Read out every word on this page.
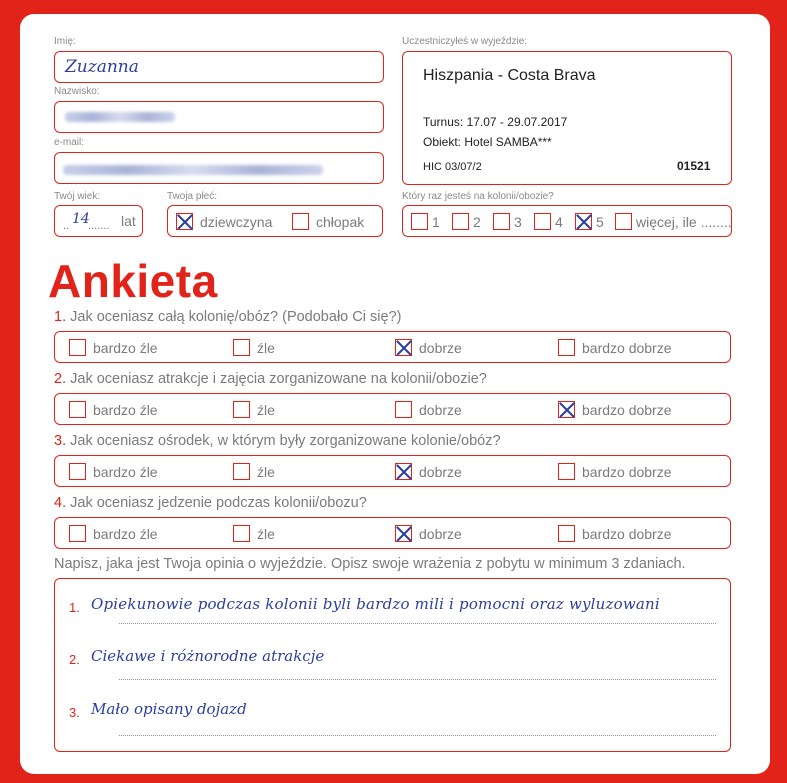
Imię:
Zuzanna
Nazwisko:
e-mail:
Twój wiek:
.. 14
....... lat
Twoja płeć:
dziewczyna	chłopak
Uczestniczyłeś w wyjeździe:
Hiszpania - Costa Brava
Turnus: 17.07 - 29.07.2017
Obiekt: Hotel SAMBA***
HIC 03/07/2	01521
Który raz jesteś na kolonii/obozie?
1 2 3 4 5 więcej, ile ........
Ankieta
1. Jak oceniasz całą kolonię/obóz? (Podobało Ci się?)
bardzo źle	źle	dobrze	bardzo dobrze
2. Jak oceniasz atrakcje i zajęcia zorganizowane na kolonii/obozie?
bardzo źle	źle	dobrze	bardzo dobrze
3. Jak oceniasz ośrodek, w którym były zorganizowane kolonie/obóz?
bardzo źle	źle	dobrze	bardzo dobrze
4. Jak oceniasz jedzenie podczas kolonii/obozu?
bardzo źle	źle	dobrze	bardzo dobrze
Napisz, jaka jest Twoja opinia o wyjeździe. Opisz swoje wrażenia z pobytu w minimum 3 zdaniach.
1. Opiekunowie podczas kolonii byli bardzo mili i pomocni oraz wyluzowani
2. Ciekawe i różnorodne atrakcje
3. Mało opisany dojazd
